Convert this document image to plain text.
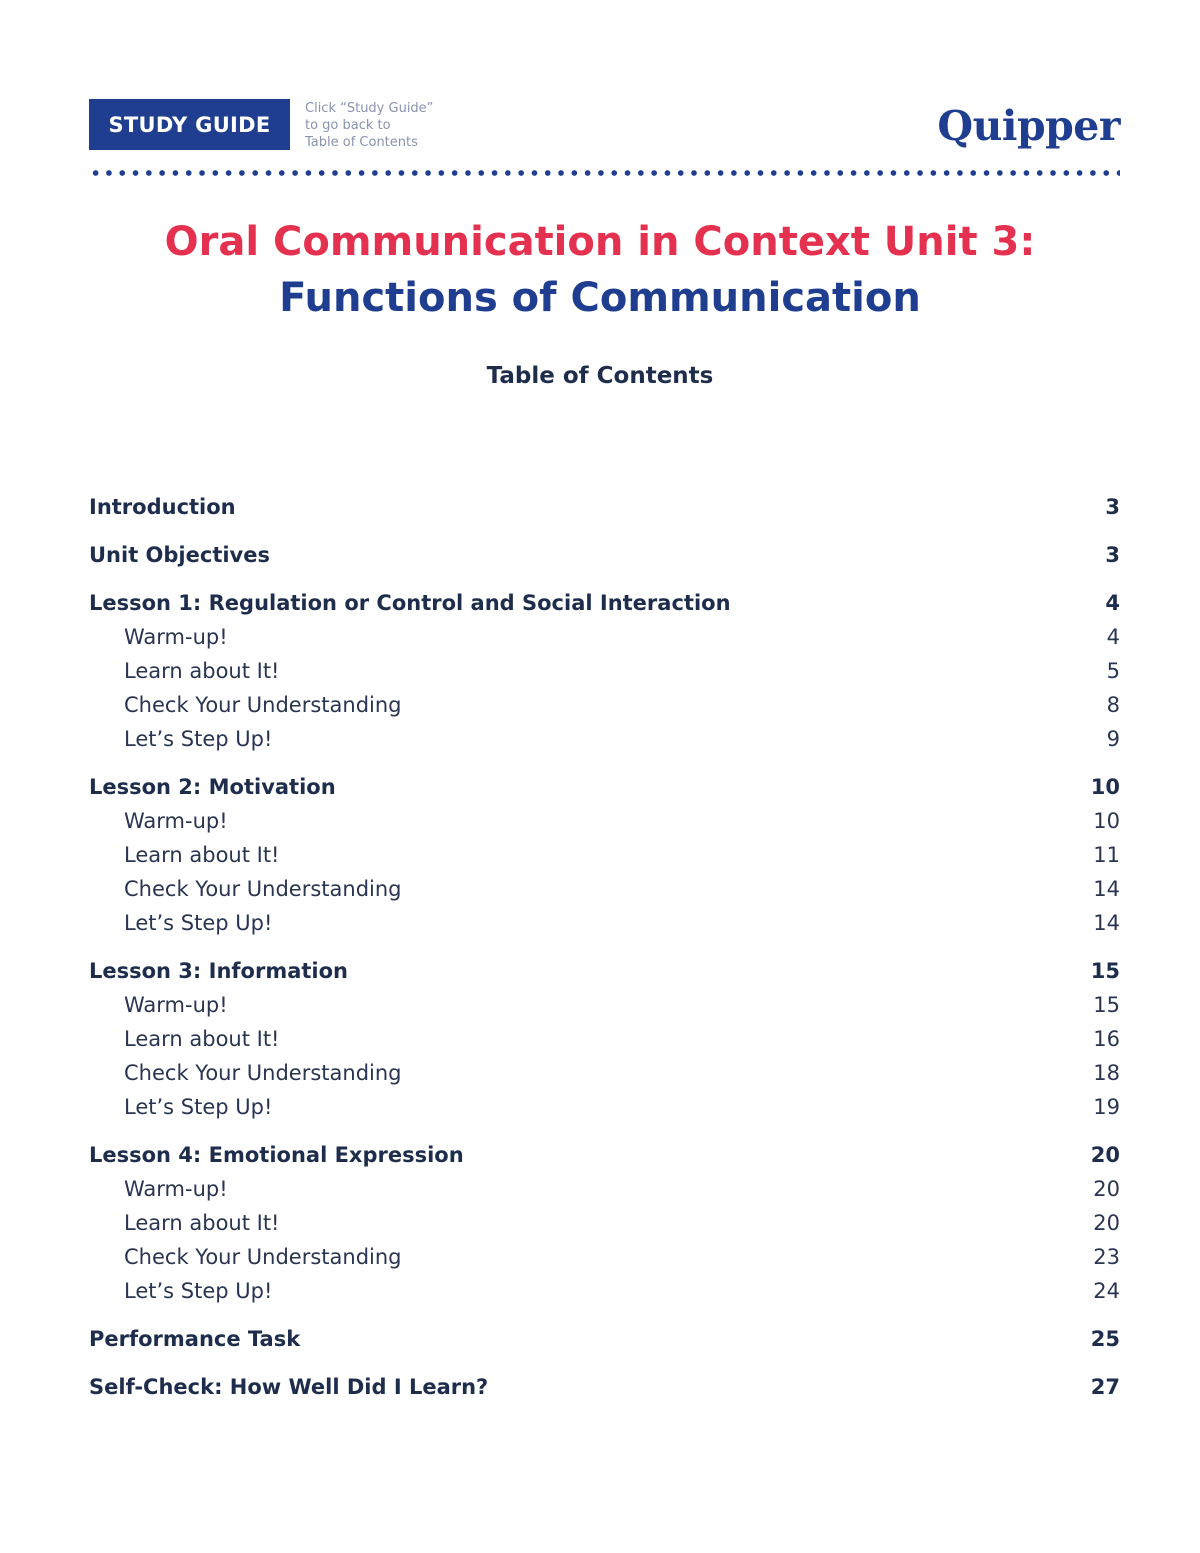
STUDY GUIDE
Click “Study Guide”
to go back to
Table of Contents	Quipper
Oral Communication in Context Unit 3:
Functions of Communication
Table of Contents
Introduction	3
Unit Objectives	3
Lesson 1: Regulation or Control and Social Interaction	4
Warm-up!	4
Learn about It!	5
Check Your Understanding	8
Let’s Step Up!	9
Lesson 2: Motivation	10
Warm-up!	10
Learn about It!	11
Check Your Understanding	14
Let’s Step Up!	14
Lesson 3: Information	15
Warm-up!	15
Learn about It!	16
Check Your Understanding	18
Let’s Step Up!	19
Lesson 4: Emotional Expression	20
Warm-up!	20
Learn about It!	20
Check Your Understanding	23
Let’s Step Up!	24
Performance Task	25
Self-Check: How Well Did I Learn?	27
